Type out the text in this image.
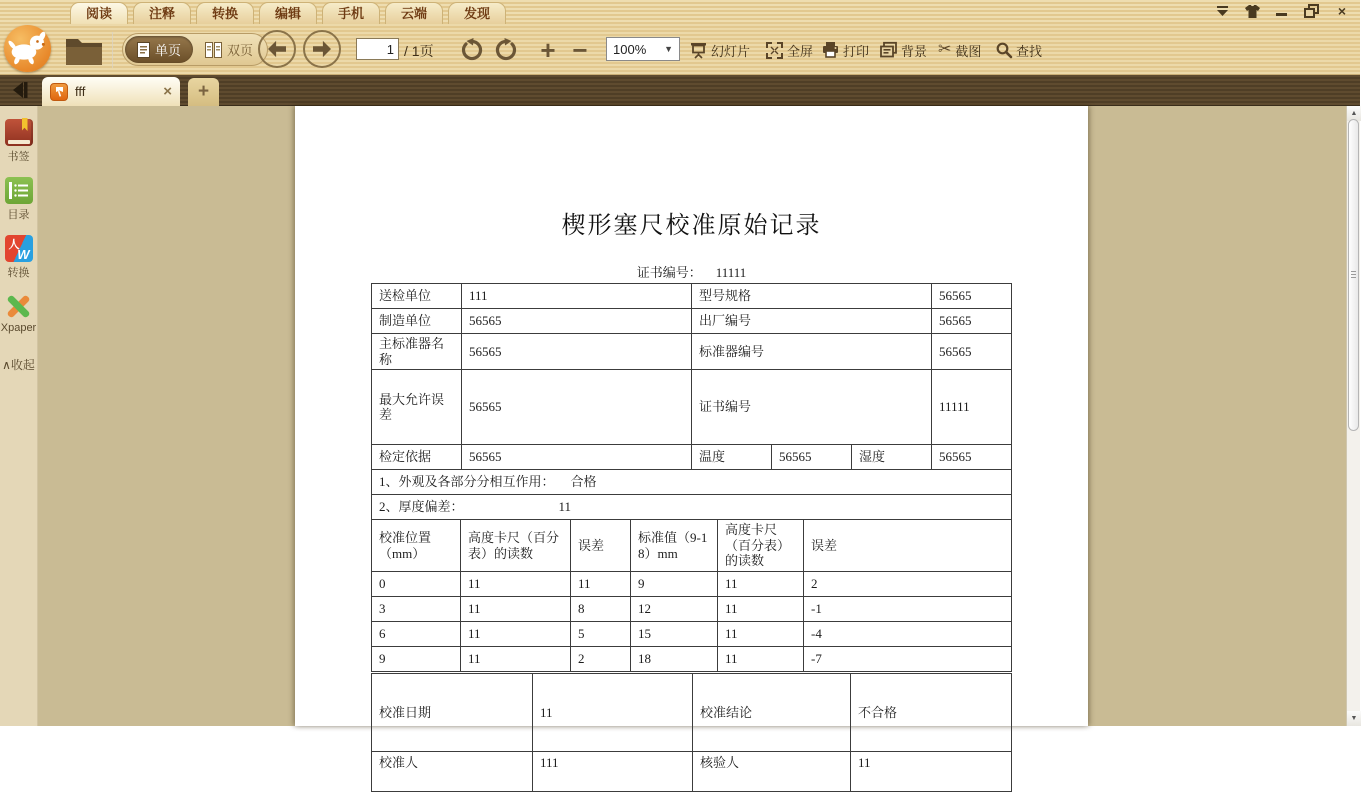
阅读	注释	转换	编辑	手机	云端	发现	×
单页	双页
1	/ 1页	+ − 100% ▼	幻灯片	全屏 打印 背景 ✂ 截图	查找
fff	×	+
书签
目录
人
W
转换
Xpaper
∧ 收起
楔形塞尺校准原始记录
证书编号： 11111
送检单位	111	型号规格			56565
制造单位	56565	出厂编号			56565
主标准器名称	56565	标准器编号			56565
最大允许误差	56565	证书编号			11111
检定依据	56565	温度	56565	湿度	56565
1、外观及各部分分相互作用： 合格					
2、厚度偏差： 11					
校准位置（mm）	高度卡尺（百分表）的读数	误差	标准值（9-18）mm	高度卡尺（百分表）的读数	误差
0	11	11	9	11	2
3	11	8	12	11	-1
6	11	5	15	11	-4
9	11	2	18	11	-7
校准日期	11	校准结论	不合格
校准人	111	核验人	11
▲
▼
